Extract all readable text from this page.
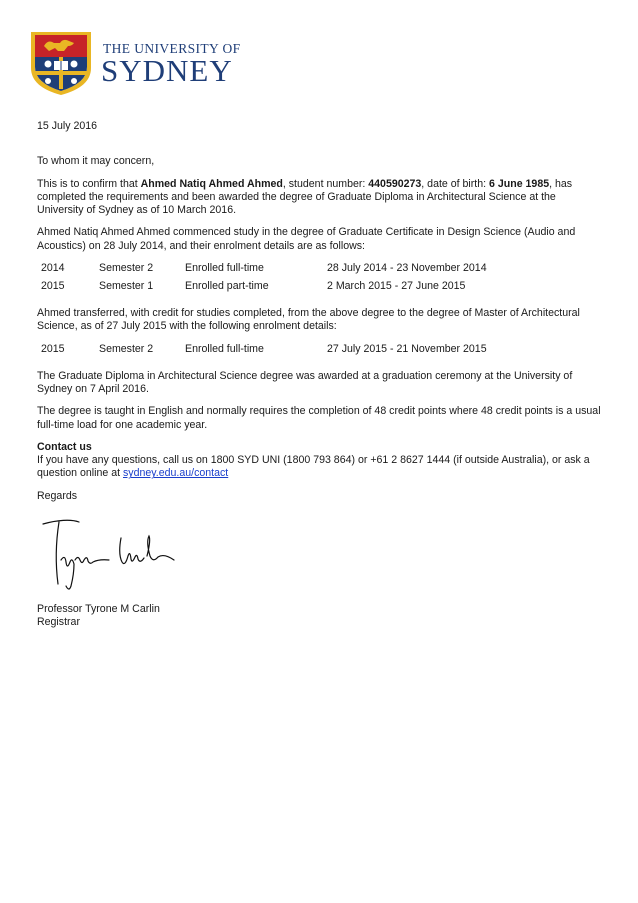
THE UNIVERSITY OF
SYDNEY

15 July 2016

To whom it may concern,

This is to confirm that Ahmed Natiq Ahmed Ahmed, student number: 440590273, date of birth: 6 June 1985, has completed the requirements and been awarded the degree of Graduate Diploma in Architectural Science at the University of Sydney as of 10 March 2016.

Ahmed Natiq Ahmed Ahmed commenced study in the degree of Graduate Certificate in Design Science (Audio and Acoustics) on 28 July 2014, and their enrolment details are as follows:

2014	Semester 2	Enrolled full-time	28 July 2014 - 23 November 2014
2015	Semester 1	Enrolled part-time	2 March 2015 - 27 June 2015

Ahmed transferred, with credit for studies completed, from the above degree to the degree of Master of Architectural Science, as of 27 July 2015 with the following enrolment details:

2015	Semester 2	Enrolled full-time	27 July 2015 - 21 November 2015

The Graduate Diploma in Architectural Science degree was awarded at a graduation ceremony at the University of Sydney on 7 April 2016.

The degree is taught in English and normally requires the completion of 48 credit points where 48 credit points is a usual full-time load for one academic year.

Contact us

If you have any questions, call us on 1800 SYD UNI (1800 793 864) or +61 2 8627 1444 (if outside Australia), or ask a question online at sydney.edu.au/contact

Regards

Professor Tyrone M Carlin

Registrar
